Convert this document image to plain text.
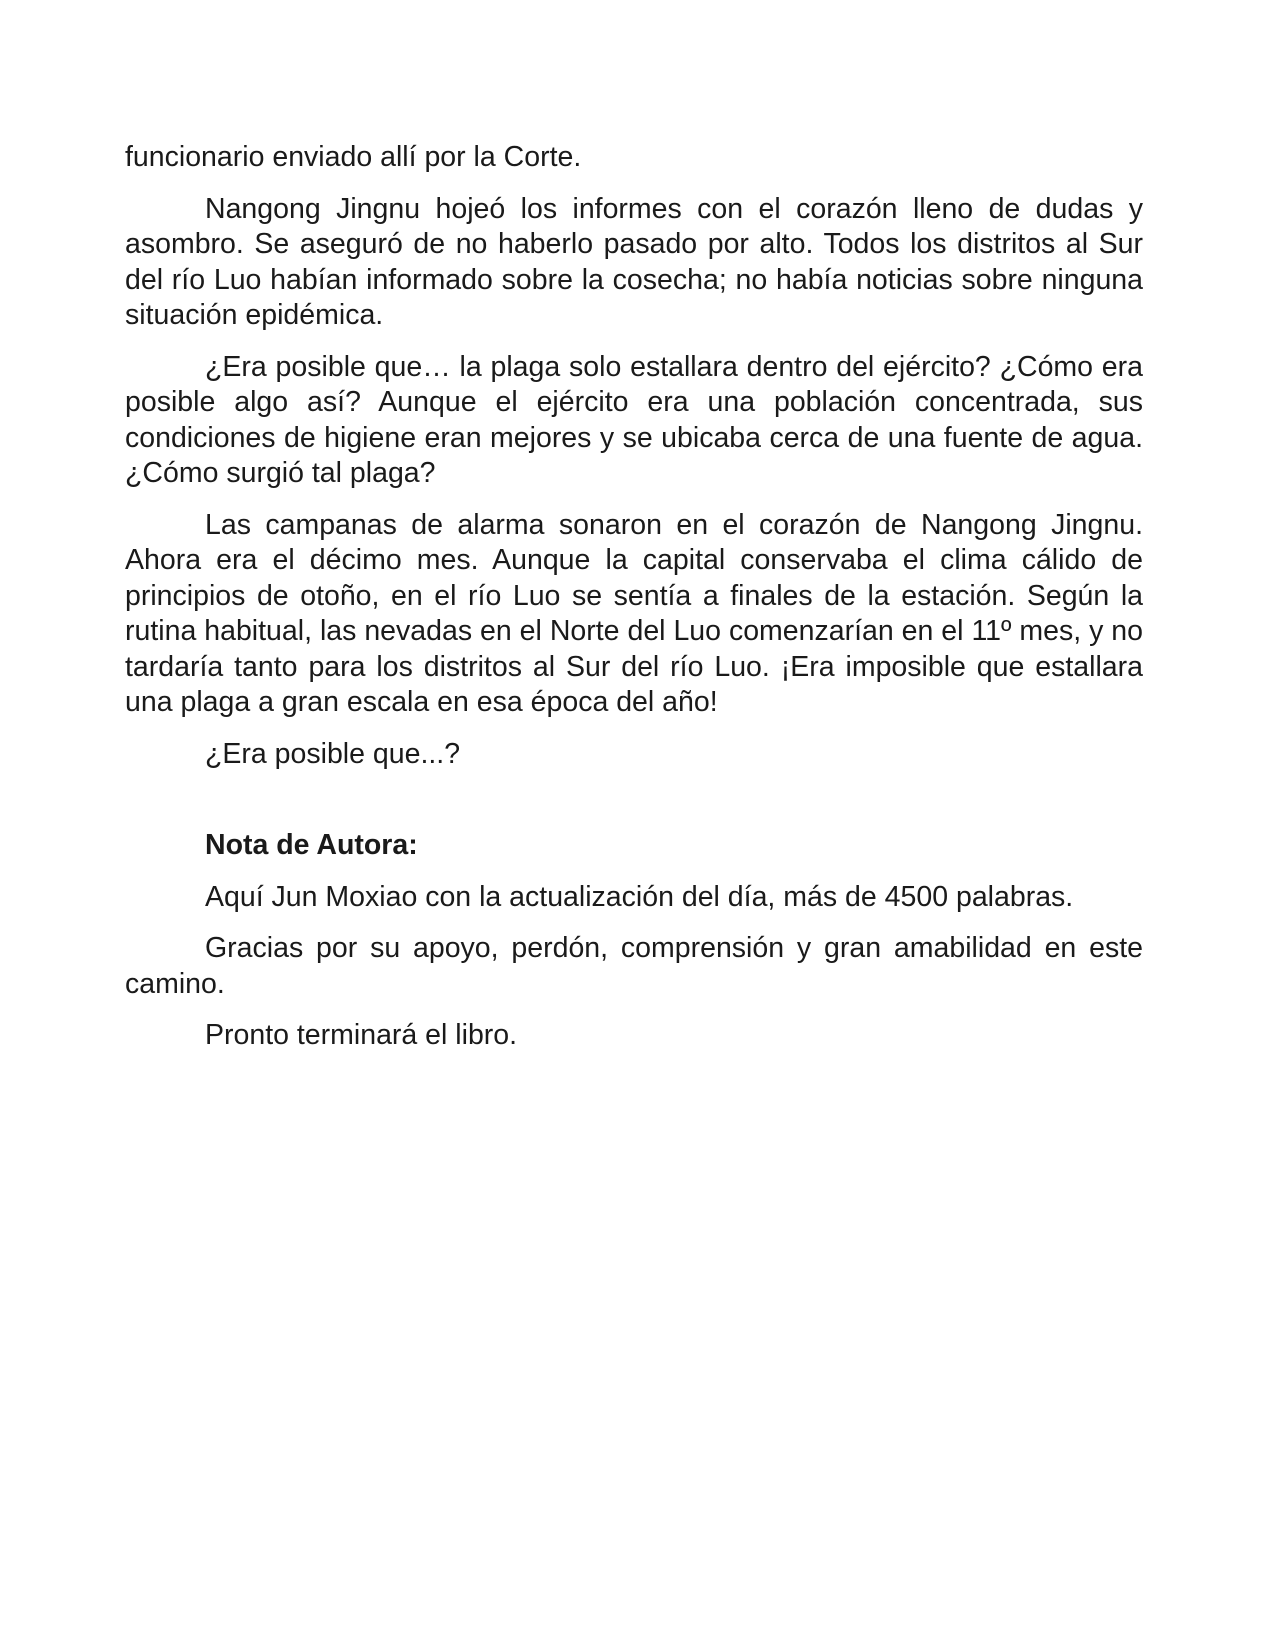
funcionario enviado allí por la Corte.

Nangong Jingnu hojeó los informes con el corazón lleno de dudas y asombro. Se aseguró de no haberlo pasado por alto. Todos los distritos al Sur del río Luo habían informado sobre la cosecha; no había noticias sobre ninguna situación epidémica.

¿Era posible que… la plaga solo estallara dentro del ejército? ¿Cómo era posible algo así? Aunque el ejército era una población concentrada, sus condiciones de higiene eran mejores y se ubicaba cerca de una fuente de agua. ¿Cómo surgió tal plaga?

Las campanas de alarma sonaron en el corazón de Nangong Jingnu. Ahora era el décimo mes. Aunque la capital conservaba el clima cálido de principios de otoño, en el río Luo se sentía a finales de la estación. Según la rutina habitual, las nevadas en el Norte del Luo comenzarían en el 11º mes, y no tardaría tanto para los distritos al Sur del río Luo. ¡Era imposible que estallara una plaga a gran escala en esa época del año!

¿Era posible que...?

Nota de Autora:

Aquí Jun Moxiao con la actualización del día, más de 4500 palabras.

Gracias por su apoyo, perdón, comprensión y gran amabilidad en este camino.

Pronto terminará el libro.
